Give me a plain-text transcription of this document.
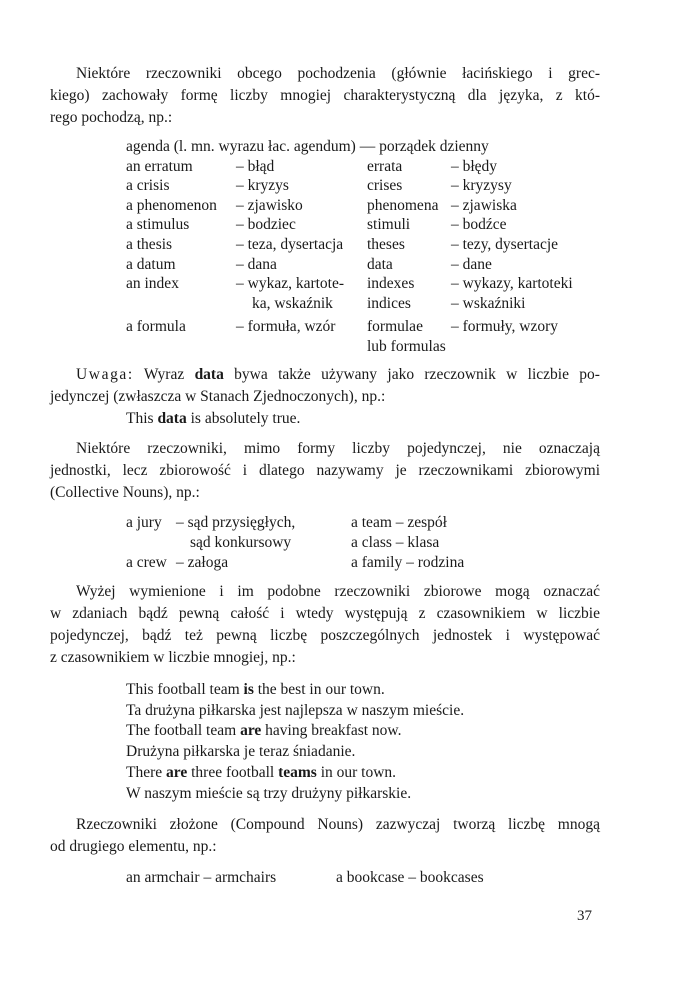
Niektóre rzeczowniki obcego pochodzenia (głównie łacińskiego i grec-
kiego) zachowały formę liczby mnogiej charakterystyczną dla języka, z któ-
rego pochodzą, np.:
agenda (l. mn. wyrazu łac. agendum) — porządek dzienny
an erratum	– błąd	errata	– błędy
a crisis	– kryzys	crises	– kryzysy
a phenomenon – zjawisko	phenomena – zjawiska
a stimulus	– bodziec	stimuli	– bodźce
a thesis	– teza, dysertacja theses	– tezy, dysertacje
a datum	– dana	data	– dane
an index	– wykaz, kartote- indexes – wykazy, kartoteki
ka, wskaźnik indices	– wskaźniki
a formula	– formuła, wzór formulae – formuły, wzory
lub formulas
Uwaga: Wyraz data bywa także używany jako rzeczownik w liczbie po-
jedynczej (zwłaszcza w Stanach Zjednoczonych), np.:
This data is absolutely true.
Niektóre rzeczowniki, mimo formy liczby pojedynczej, nie oznaczają
jednostki, lecz zbiorowość i dlatego nazywamy je rzeczownikami zbiorowymi
(Collective Nouns), np.:
a jury – sąd przysięgłych,	a team – zespół
sąd konkursowy	a class – klasa
a crew – załoga	a family – rodzina
Wyżej wymienione i im podobne rzeczowniki zbiorowe mogą oznaczać
w zdaniach bądź pewną całość i wtedy występują z czasownikiem w liczbie
pojedynczej, bądź też pewną liczbę poszczególnych jednostek i występować
z czasownikiem w liczbie mnogiej, np.:
This football team is the best in our town.
Ta drużyna piłkarska jest najlepsza w naszym mieście.
The football team are having breakfast now.
Drużyna piłkarska je teraz śniadanie.
There are three football teams in our town.
W naszym mieście są trzy drużyny piłkarskie.
Rzeczowniki złożone (Compound Nouns) zazwyczaj tworzą liczbę mnogą
od drugiego elementu, np.:
an armchair – armchairs	a bookcase – bookcases
37
